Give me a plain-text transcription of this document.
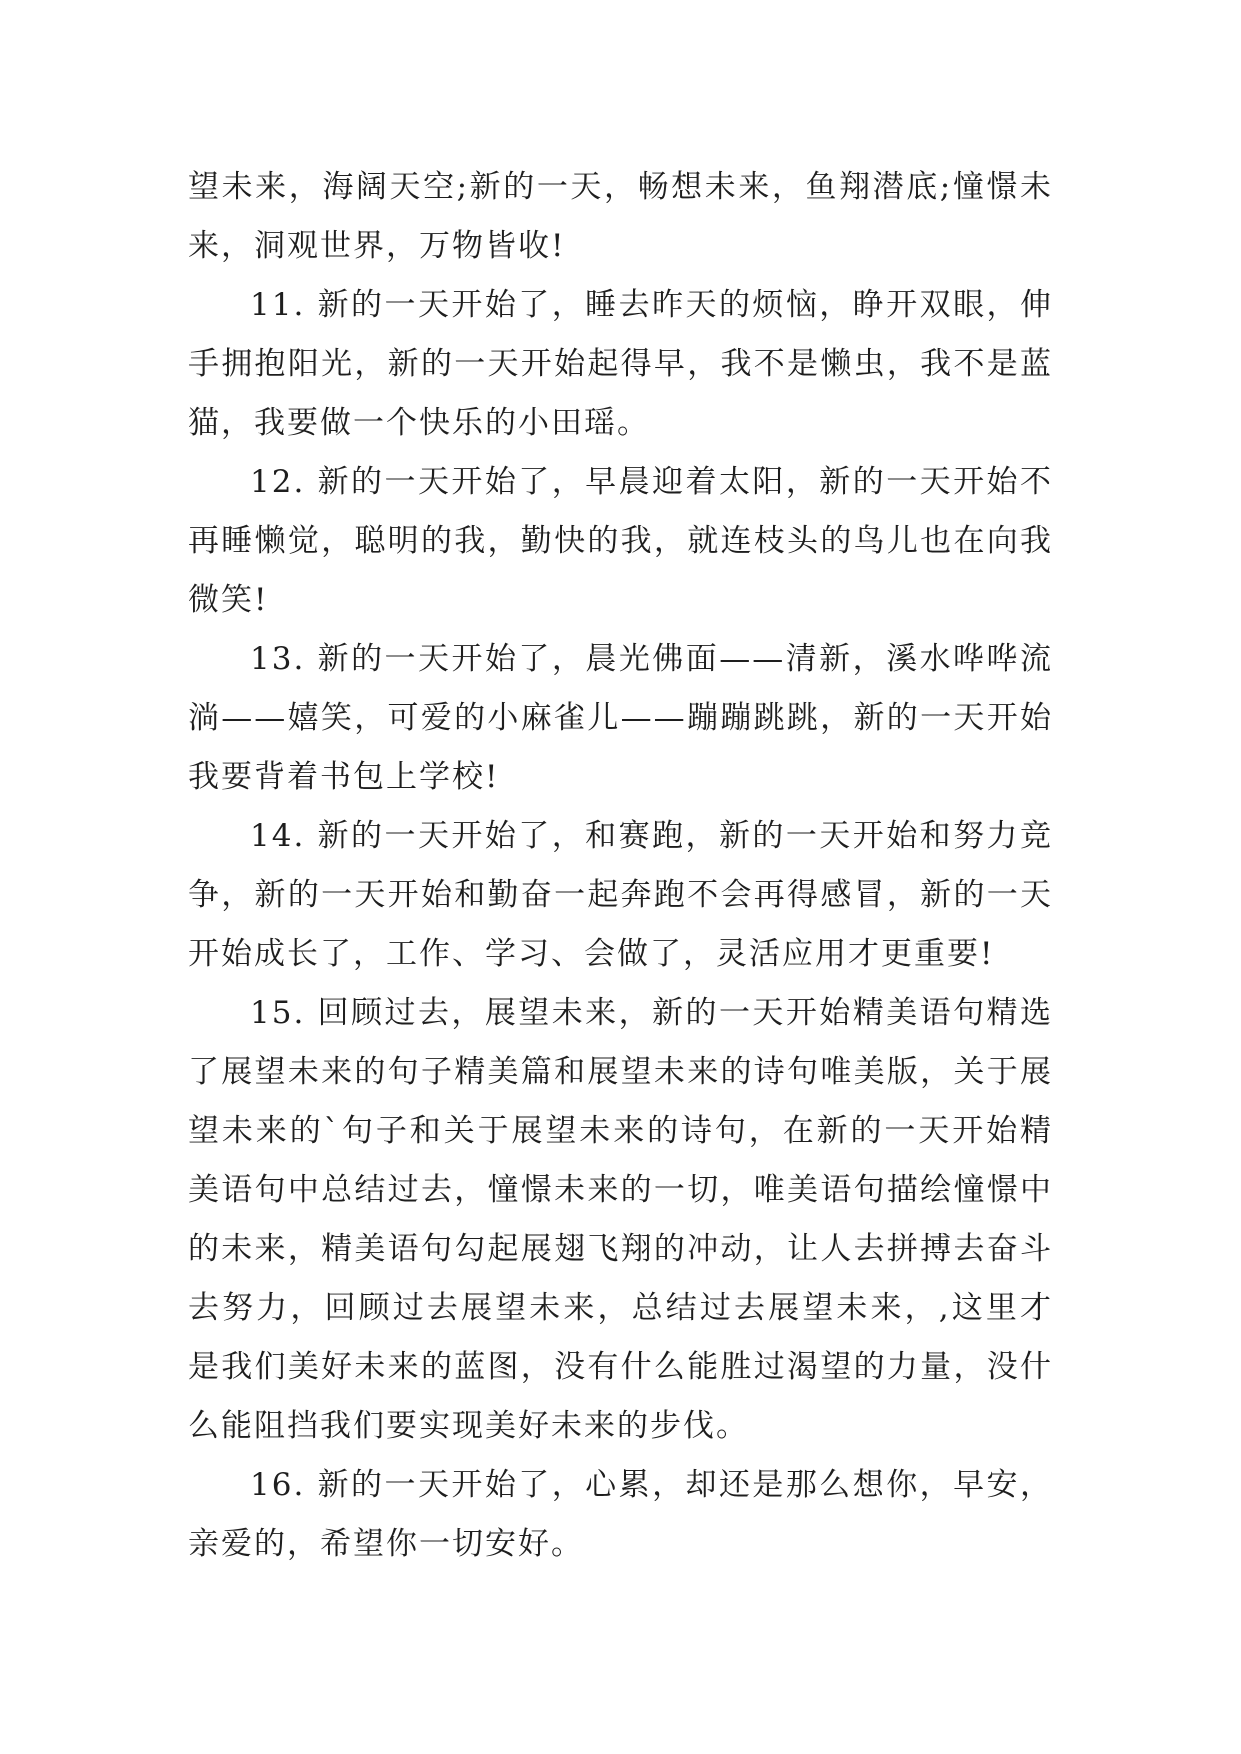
望未来，海阔天空;新的一天，畅想未来，鱼翔潜底;憧憬未来，洞观世界，万物皆收!

11. 新的一天开始了，睡去昨天的烦恼，睁开双眼，伸手拥抱阳光，新的一天开始起得早，我不是懒虫，我不是蓝猫，我要做一个快乐的小田瑶。

12. 新的一天开始了，早晨迎着太阳，新的一天开始不再睡懒觉，聪明的我，勤快的我，就连枝头的鸟儿也在向我微笑!

13. 新的一天开始了，晨光佛面——清新，溪水哗哗流淌——嬉笑，可爱的小麻雀儿——蹦蹦跳跳，新的一天开始我要背着书包上学校!

14. 新的一天开始了，和赛跑，新的一天开始和努力竞争，新的一天开始和勤奋一起奔跑不会再得感冒，新的一天开始成长了，工作、学习、会做了，灵活应用才更重要!

15. 回顾过去，展望未来，新的一天开始精美语句精选了展望未来的句子精美篇和展望未来的诗句唯美版，关于展望未来的`句子和关于展望未来的诗句，在新的一天开始精美语句中总结过去，憧憬未来的一切，唯美语句描绘憧憬中的未来，精美语句勾起展翅飞翔的冲动，让人去拼搏去奋斗去努力，回顾过去展望未来，总结过去展望未来，,这里才是我们美好未来的蓝图，没有什么能胜过渴望的力量，没什么能阻挡我们要实现美好未来的步伐。

16. 新的一天开始了，心累，却还是那么想你，早安，亲爱的，希望你一切安好。
